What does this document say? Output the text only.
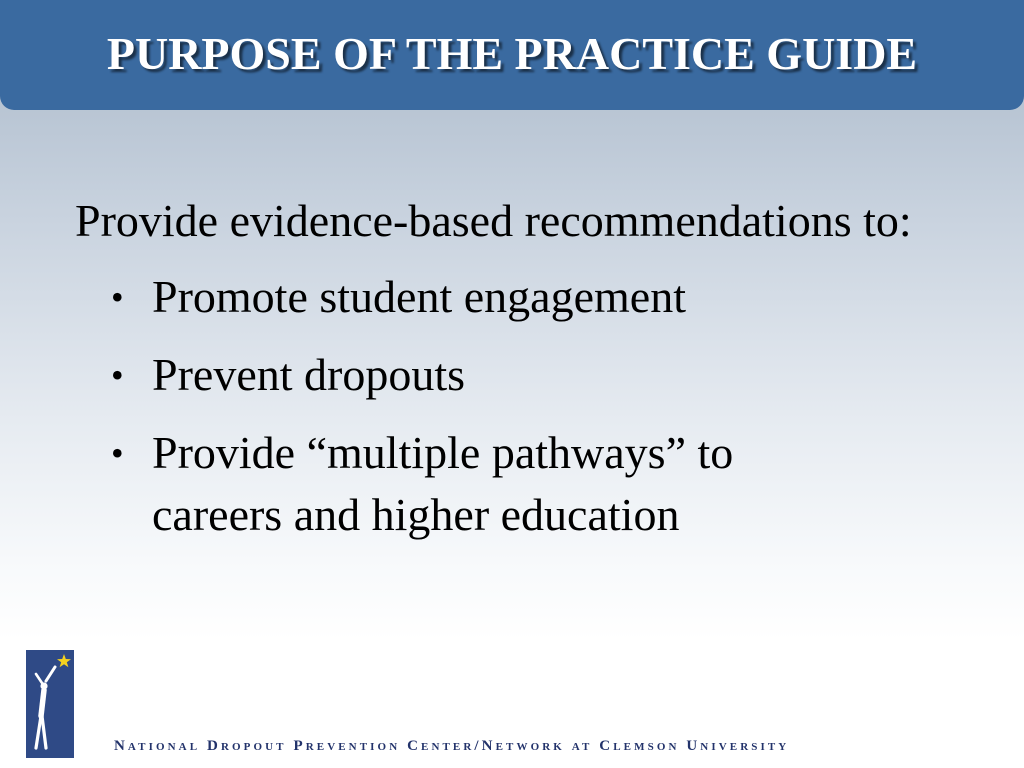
PURPOSE OF THE PRACTICE GUIDE

Provide evidence-based recommendations to:

• Promote student engagement
• Prevent dropouts
• Provide “multiple pathways” to careers and higher education
National Dropout Prevention Center/Network at Clemson University
